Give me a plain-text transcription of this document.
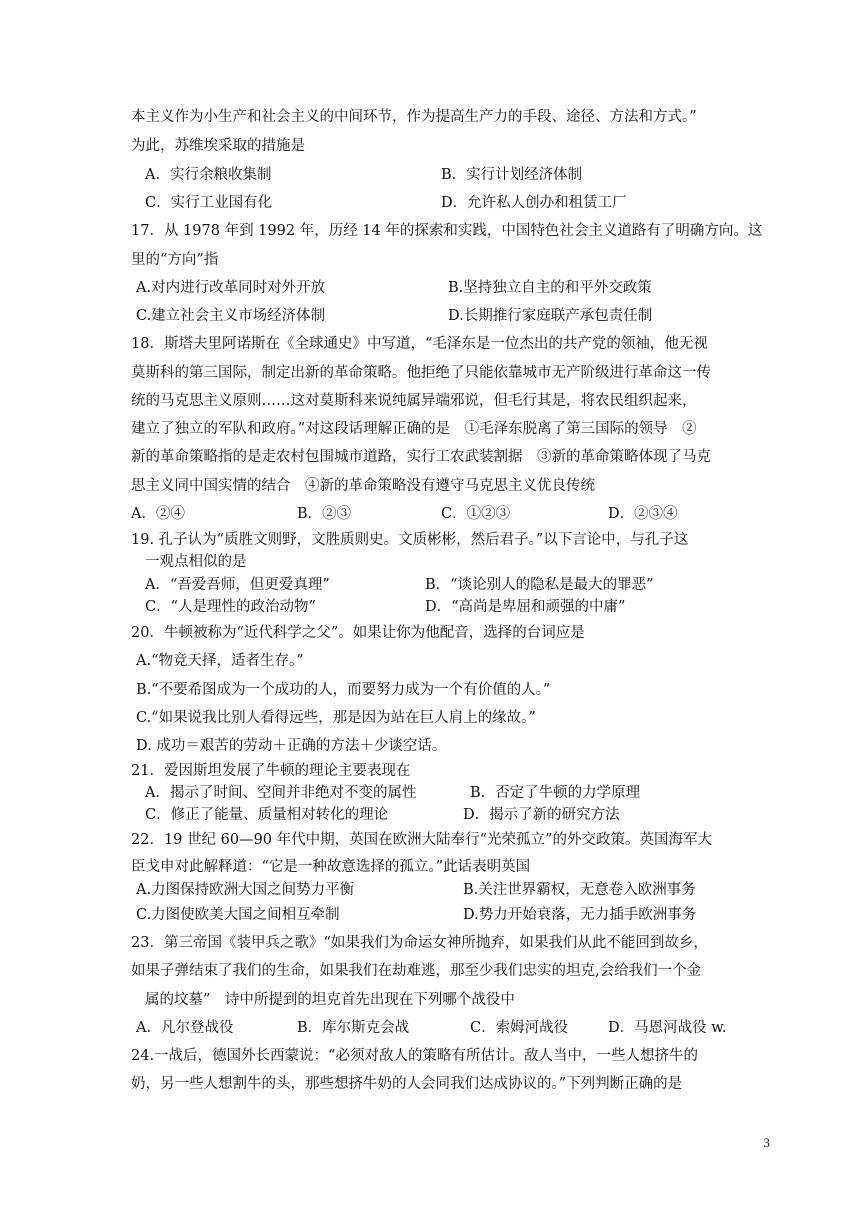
本主义作为小生产和社会主义的中间环节，作为提高生产力的手段、途径、方法和方式。”
为此，苏维埃采取的措施是
A．实行余粮收集制	B．实行计划经济体制
C．实行工业国有化	D．允许私人创办和租赁工厂
17．从 1978 年到 1992 年，历经 14 年的探索和实践，中国特色社会主义道路有了明确方向。这
里的“方向”指
A.对内进行改革同时对外开放	B.坚持独立自主的和平外交政策
C.建立社会主义市场经济体制	D.长期推行家庭联产承包责任制
18．斯塔夫里阿诺斯在《全球通史》中写道，“毛泽东是一位杰出的共产党的领袖，他无视
莫斯科的第三国际，制定出新的革命策略。他拒绝了只能依靠城市无产阶级进行革命这一传
统的马克思主义原则……这对莫斯科来说纯属异端邪说，但毛行其是，将农民组织起来，
建立了独立的军队和政府。”对这段话理解正确的是　①毛泽东脱离了第三国际的领导　②
新的革命策略指的是走农村包围城市道路，实行工农武装割据　③新的革命策略体现了马克
思主义同中国实情的结合　④新的革命策略没有遵守马克思主义优良传统
A．②④	B．②③	C．①②③	D．②③④
19. 孔子认为“质胜文则野，文胜质则史。文质彬彬，然后君子。”以下言论中，与孔子这
一观点相似的是
A．“吾爱吾师，但更爱真理”	B．“谈论别人的隐私是最大的罪恶”
C．“人是理性的政治动物”	D．“高尚是卑屈和顽强的中庸”
20．牛顿被称为“近代科学之父”。如果让你为他配音，选择的台词应是
A.“物竞天择，适者生存。”
B.“不要希图成为一个成功的人，而要努力成为一个有价值的人。”
C.“如果说我比别人看得远些，那是因为站在巨人肩上的缘故。”
D. 成功＝艰苦的劳动＋正确的方法＋少谈空话。
21．爱因斯坦发展了牛顿的理论主要表现在
A．揭示了时间、空间并非绝对不变的属性	B．否定了牛顿的力学原理
C．修正了能量、质量相对转化的理论	D．揭示了新的研究方法
22．19 世纪 60—90 年代中期，英国在欧洲大陆奉行“光荣孤立”的外交政策。英国海军大
臣戈申对此解释道：“它是一种故意选择的孤立。”此话表明英国
A.力图保持欧洲大国之间势力平衡	B.关注世界霸权，无意卷入欧洲事务
C.力图使欧美大国之间相互牵制	D.势力开始衰落，无力插手欧洲事务
23．第三帝国《装甲兵之歌》“如果我们为命运女神所抛弃，如果我们从此不能回到故乡，
如果子弹结束了我们的生命，如果我们在劫难逃，那至少我们忠实的坦克,会给我们一个金
属的坟墓”　诗中所提到的坦克首先出现在下列哪个战役中
A．凡尔登战役	B．库尔斯克会战	C．索姆河战役	D．马恩河战役 w.
24.一战后，德国外长西蒙说：“必须对敌人的策略有所估计。敌人当中，一些人想挤牛的
奶，另一些人想割牛的头，那些想挤牛奶的人会同我们达成协议的。”下列判断正确的是
3
